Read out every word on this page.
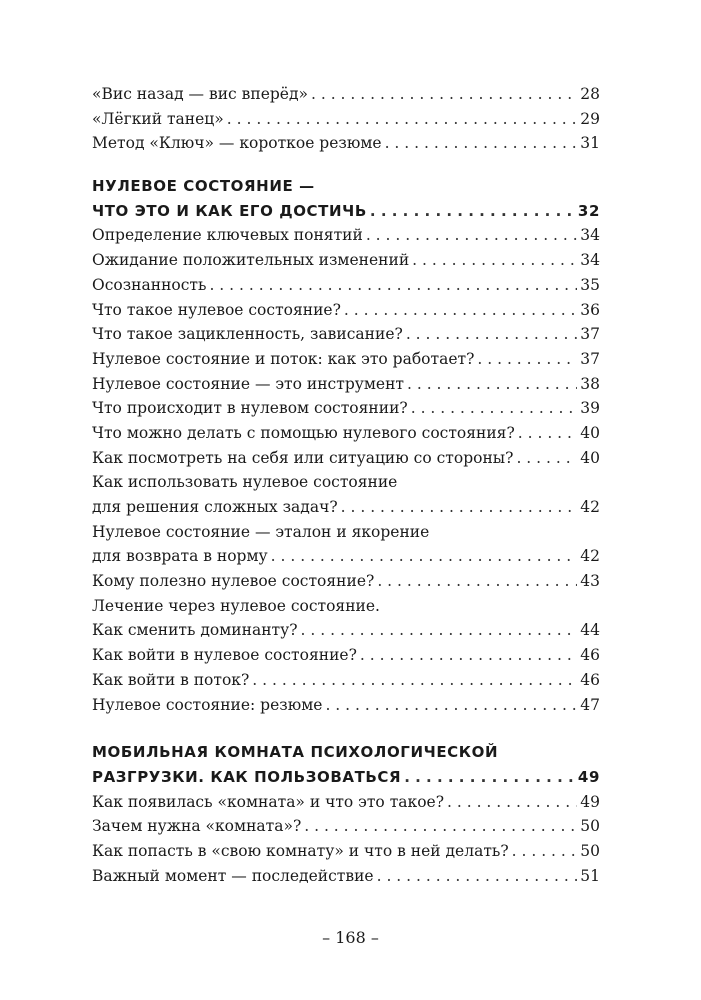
«Вис назад — вис вперёд» . . .	28
«Лёгкий танец» . . .	29
Метод «Ключ» — короткое резюме . . .	31
НУЛЕВОЕ СОСТОЯНИЕ —
ЧТО ЭТО И КАК ЕГО ДОСТИЧЬ . . .	32
Определение ключевых понятий . . .	34
Ожидание положительных изменений . . .	34
Осознанность . . .	35
Что такое нулевое состояние? . . .	36
Что такое зацикленность, зависание? . . .	37
Нулевое состояние и поток: как это работает? . . .	37
Нулевое состояние — это инструмент . . .	38
Что происходит в нулевом состоянии? . . .	39
Что можно делать с помощью нулевого состояния? . . .	40
Как посмотреть на себя или ситуацию со стороны? . . .	40
Как использовать нулевое состояние
для решения сложных задач? . . .	42
Нулевое состояние — эталон и якорение
для возврата в норму . . .	42
Кому полезно нулевое состояние? . . .	43
Лечение через нулевое состояние.
Как сменить доминанту? . . .	44
Как войти в нулевое состояние? . . .	46
Как войти в поток? . . .	46
Нулевое состояние: резюме . . .	47
МОБИЛЬНАЯ КОМНАТА ПСИХОЛОГИЧЕСКОЙ
РАЗГРУЗКИ. КАК ПОЛЬЗОВАТЬСЯ . . .	49
Как появилась «комната» и что это такое? . . .	49
Зачем нужна «комната»? . . .	50
Как попасть в «свою комнату» и что в ней делать? . . .	50
Важный момент — последействие . . .	51
– 168 –
